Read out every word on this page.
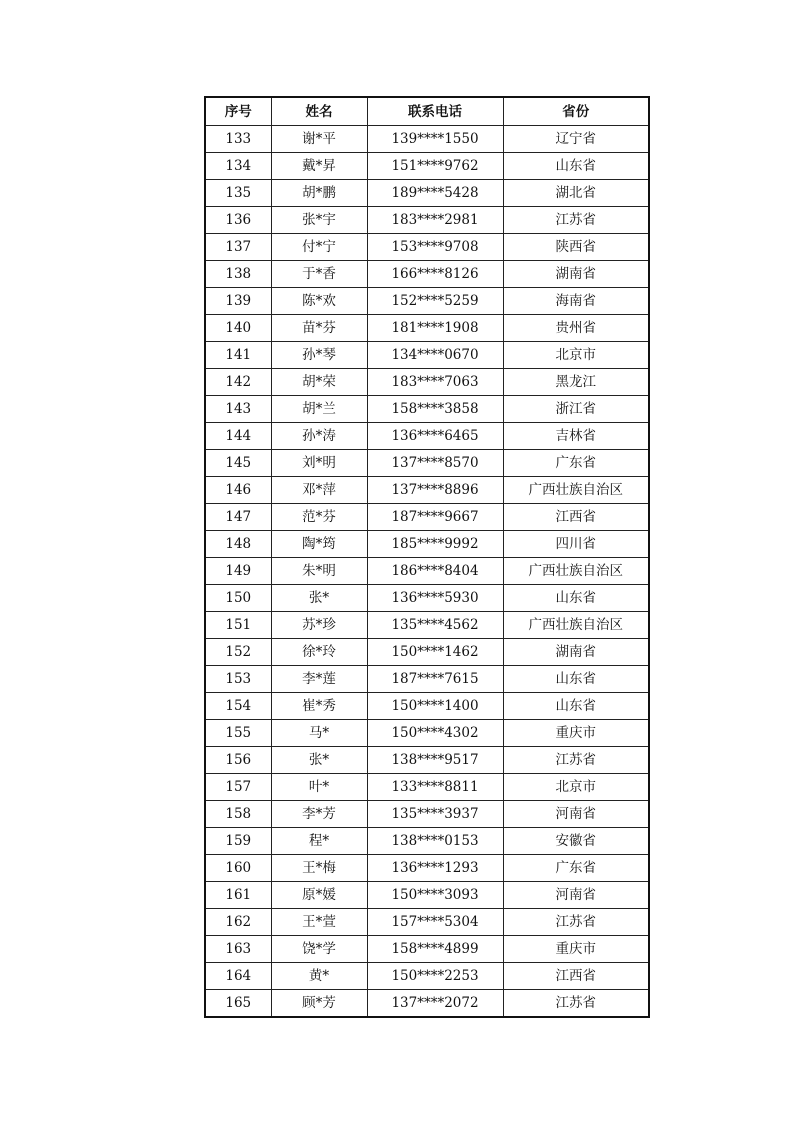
序号	姓名	联系电话	省份
133	谢*平	139****1550	辽宁省
134	戴*昇	151****9762	山东省
135	胡*鹏	189****5428	湖北省
136	张*宇	183****2981	江苏省
137	付*宁	153****9708	陕西省
138	于*香	166****8126	湖南省
139	陈*欢	152****5259	海南省
140	苗*芬	181****1908	贵州省
141	孙*琴	134****0670	北京市
142	胡*荣	183****7063	黑龙江
143	胡*兰	158****3858	浙江省
144	孙*涛	136****6465	吉林省
145	刘*明	137****8570	广东省
146	邓*萍	137****8896	广西壮族自治区
147	范*芬	187****9667	江西省
148	陶*筠	185****9992	四川省
149	朱*明	186****8404	广西壮族自治区
150	张*	136****5930	山东省
151	苏*珍	135****4562	广西壮族自治区
152	徐*玲	150****1462	湖南省
153	李*莲	187****7615	山东省
154	崔*秀	150****1400	山东省
155	马*	150****4302	重庆市
156	张*	138****9517	江苏省
157	叶*	133****8811	北京市
158	李*芳	135****3937	河南省
159	程*	138****0153	安徽省
160	王*梅	136****1293	广东省
161	原*媛	150****3093	河南省
162	王*萱	157****5304	江苏省
163	饶*学	158****4899	重庆市
164	黄*	150****2253	江西省
165	顾*芳	137****2072	江苏省
